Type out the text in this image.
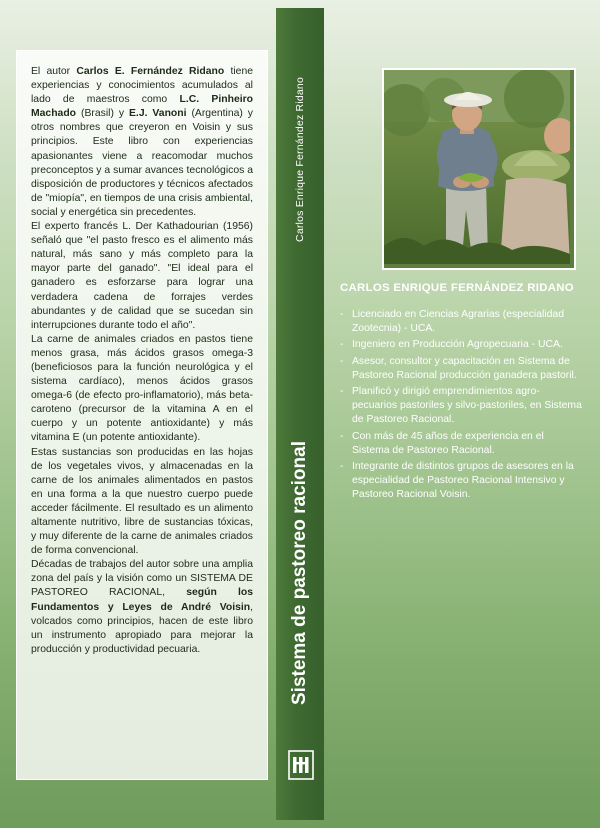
El autor Carlos E. Fernández Ridano tiene experiencias y conocimientos acumulados al lado de maestros como L.C. Pinheiro Machado (Brasil) y E.J. Vanoni (Argentina) y otros nombres que creyeron en Voisin y sus principios. Este libro con experiencias apasionantes viene a reacomodar muchos preconceptos y a sumar avances tecnológicos a disposición de productores y técnicos afectados de "miopía", en tiempos de una crisis ambiental, social y energética sin precedentes.

El experto francés L. Der Kathadourian (1956) señaló que "el pasto fresco es el alimento más natural, más sano y más completo para la mayor parte del ganado". "El ideal para el ganadero es esforzarse para lograr una verdadera cadena de forrajes verdes abundantes y de calidad que se sucedan sin interrupciones durante todo el año".

La carne de animales criados en pastos tiene menos grasa, más ácidos grasos omega-3 (beneficiosos para la función neurológica y el sistema cardíaco), menos ácidos grasos omega-6 (de efecto pro-inflamatorio), más beta-caroteno (precursor de la vitamina A en el cuerpo y un potente antioxidante) y más vitamina E (un potente antioxidante).

Estas sustancias son producidas en las hojas de los vegetales vivos, y almacenadas en la carne de los animales alimentados en pastos en una forma a la que nuestro cuerpo puede acceder fácilmente. El resultado es un alimento altamente nutritivo, libre de sustancias tóxicas, y muy diferente de la carne de animales criados de forma convencional.

Décadas de trabajos del autor sobre una amplia zona del país y la visión como un SISTEMA DE PASTOREO RACIONAL, según los Fundamentos y Leyes de André Voisin, volcados como principios, hacen de este libro un instrumento apropiado para mejorar la producción y productividad pecuaria.

Carlos Enrique Fernández Ridano
Sistema de pastoreo racional
CARLOS ENRIQUE FERNÁNDEZ RIDANO
- Licenciado en Ciencias Agrarias (especialidad Zootecnia) - UCA.
- Ingeniero en Producción Agropecuaria - UCA.
- Asesor, consultor y capacitación en Sistema de Pastoreo Racional producción ganadera pastoril.
- Planificó y dirigió emprendimientos agro-pecuarios pastoriles y silvo-pastoriles, en Sistema de Pastoreo Racional.
- Con más de 45 años de experiencia en el Sistema de Pastoreo Racional.
- Integrante de distintos grupos de asesores en la especialidad de Pastoreo Racional Intensivo y Pastoreo Racional Voisin.
